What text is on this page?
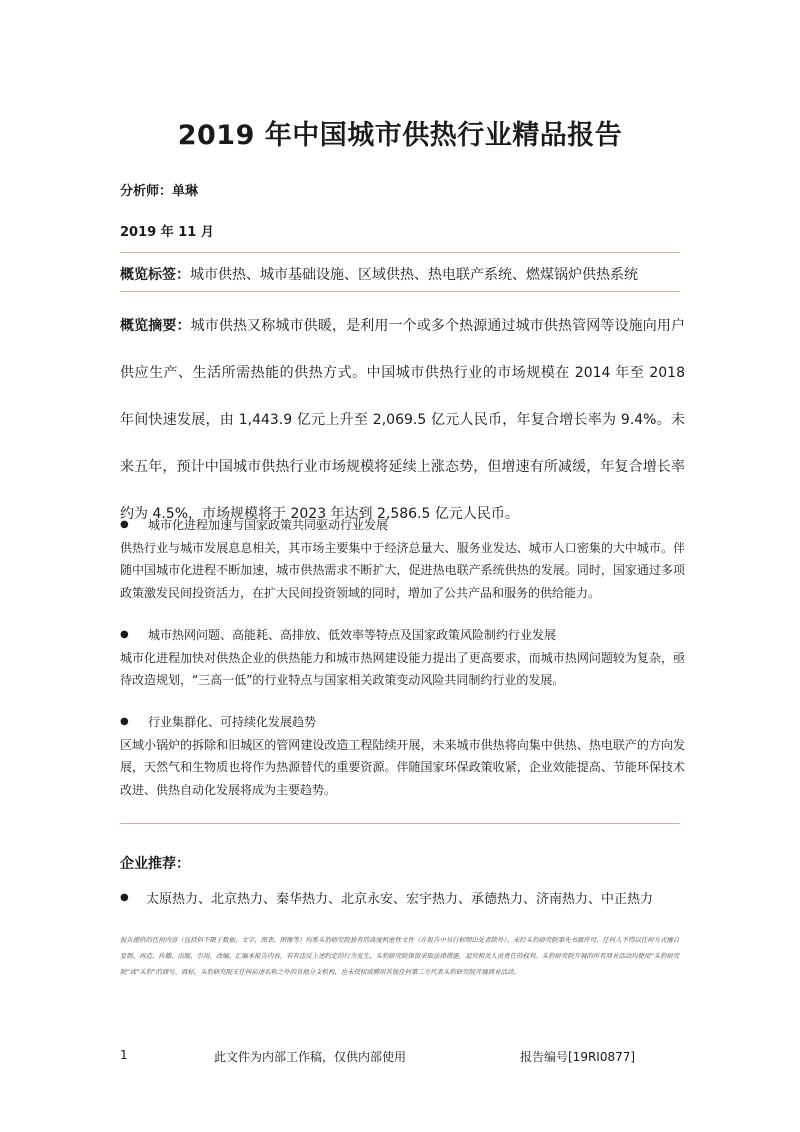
2019 年中国城市供热行业精品报告
分析师：单琳
2019 年 11 月
概览标签：城市供热、城市基础设施、区域供热、热电联产系统、燃煤锅炉供热系统

概览摘要：城市供热又称城市供暖，是利用一个或多个热源通过城市供热管网等设施向用户供应生产、生活所需热能的供热方式。中国城市供热行业的市场规模在 2014 年至 2018 年间快速发展，由 1,443.9 亿元上升至 2,069.5 亿元人民币，年复合增长率为 9.4%。未来五年，预计中国城市供热行业市场规模将延续上涨态势，但增速有所减缓，年复合增长率约为 4.5%，市场规模将于 2023 年达到 2,586.5 亿元人民币。

●	城市化进程加速与国家政策共同驱动行业发展

供热行业与城市发展息息相关，其市场主要集中于经济总量大、服务业发达、城市人口密集的大中城市。伴随中国城市化进程不断加速，城市供热需求不断扩大，促进热电联产系统供热的发展。同时，国家通过多项政策激发民间投资活力，在扩大民间投资领域的同时，增加了公共产品和服务的供给能力。

●	城市热网问题、高能耗、高排放、低效率等特点及国家政策风险制约行业发展

城市化进程加快对供热企业的供热能力和城市热网建设能力提出了更高要求，而城市热网问题较为复杂，亟待改造规划，“三高一低”的行业特点与国家相关政策变动风险共同制约行业的发展。

●	行业集群化、可持续化发展趋势

区域小锅炉的拆除和旧城区的管网建设改造工程陆续开展，未来城市供热将向集中供热、热电联产的方向发展，天然气和生物质也将作为热源替代的重要资源。伴随国家环保政策收紧，企业效能提高、节能环保技术改进、供热自动化发展将成为主要趋势。

企业推荐：
●	太原热力、北京热力、秦华热力、北京永安、宏宇热力、承德热力、济南热力、中正热力

报告提供的任何内容（包括但不限于数据、文字、图表、图像等）均系头豹研究院独有的高度机密性文件（在报告中另行标明出处者除外）。未经头豹研究院事先书面许可，任何人不得以任何方式擅自复制、再造、传播、出版、引用、改编、汇编本报告内容，若有违反上述约定的行为发生，头豹研究院保留采取法律措施，追究相关人员责任的权利。头豹研究院开展的所有商业活动均使用“头豹研究院”或“头豹”的商号、商标，头豹研究院无任何前述名称之外的其他分支机构，也未授权或聘用其他任何第三方代表头豹研究院开展商业活动。

1	此文件为内部工作稿，仅供内部使用	报告编号[19RI0877]
